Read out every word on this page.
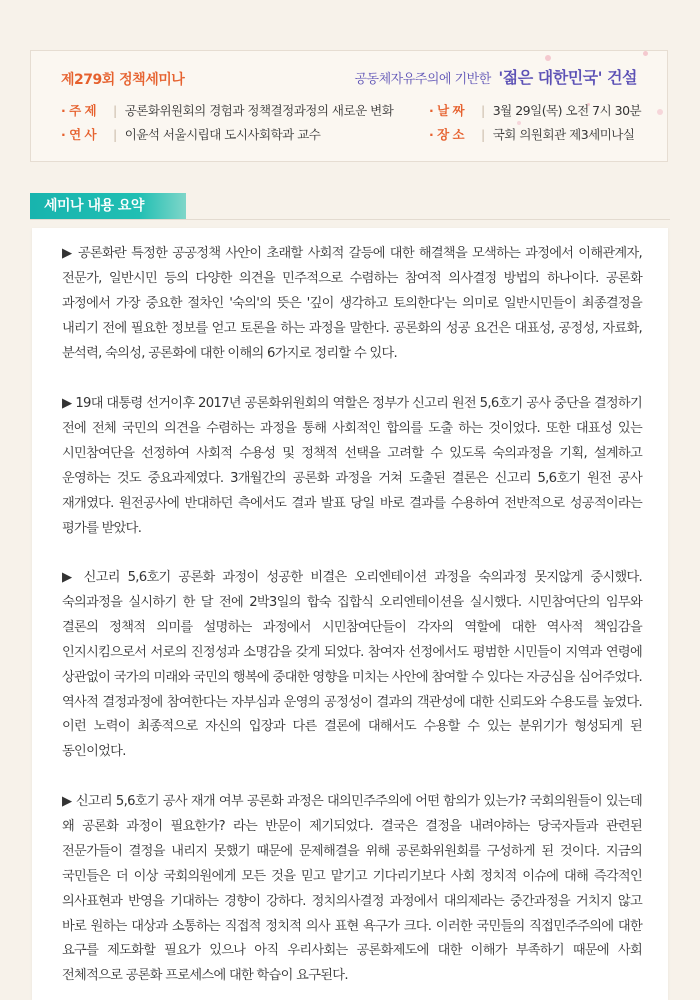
제279회 정책세미나	공동체자유주의에 기반한 '젊은 대한민국' 건설
· 주 제 | 공론화위원회의 경험과 정책결정과정의 새로운 변화
· 연 사 | 이윤석 서울시립대 도시사회학과 교수
· 날 짜 | 3월 29일(목) 오전 7시 30분
· 장 소 | 국회 의원회관 제3세미나실
세미나 내용 요약

▶ 공론화란 특정한 공공정책 사안이 초래할 사회적 갈등에 대한 해결책을 모색하는 과정에서 이해관계자, 전문가, 일반시민 등의 다양한 의견을 민주적으로 수렴하는 참여적 의사결정 방법의 하나이다. 공론화 과정에서 가장 중요한 절차인 '숙의'의 뜻은 '깊이 생각하고 토의한다'는 의미로 일반시민들이 최종결정을 내리기 전에 필요한 정보를 얻고 토론을 하는 과정을 말한다. 공론화의 성공 요건은 대표성, 공정성, 자료화, 분석력, 숙의성, 공론화에 대한 이해의 6가지로 정리할 수 있다.

▶ 19대 대통령 선거이후 2017년 공론화위원회의 역할은 정부가 신고리 원전 5,6호기 공사 중단을 결정하기 전에 전체 국민의 의견을 수렴하는 과정을 통해 사회적인 합의를 도출 하는 것이었다. 또한 대표성 있는 시민참여단을 선정하여 사회적 수용성 및 정책적 선택을 고려할 수 있도록 숙의과정을 기획, 설계하고 운영하는 것도 중요과제였다. 3개월간의 공론화 과정을 거쳐 도출된 결론은 신고리 5,6호기 원전 공사 재개였다. 원전공사에 반대하던 측에서도 결과 발표 당일 바로 결과를 수용하여 전반적으로 성공적이라는 평가를 받았다.

▶ 신고리 5,6호기 공론화 과정이 성공한 비결은 오리엔테이션 과정을 숙의과정 못지않게 중시했다. 숙의과정을 실시하기 한 달 전에 2박3일의 합숙 집합식 오리엔테이션을 실시했다. 시민참여단의 임무와 결론의 정책적 의미를 설명하는 과정에서 시민참여단들이 각자의 역할에 대한 역사적 책임감을 인지시킴으로서 서로의 진정성과 소명감을 갖게 되었다. 참여자 선정에서도 평범한 시민들이 지역과 연령에 상관없이 국가의 미래와 국민의 행복에 중대한 영향을 미치는 사안에 참여할 수 있다는 자긍심을 심어주었다. 역사적 결정과정에 참여한다는 자부심과 운영의 공정성이 결과의 객관성에 대한 신뢰도와 수용도를 높였다. 이런 노력이 최종적으로 자신의 입장과 다른 결론에 대해서도 수용할 수 있는 분위기가 형성되게 된 동인이었다.

▶ 신고리 5,6호기 공사 재개 여부 공론화 과정은 대의민주주의에 어떤 함의가 있는가? 국회의원들이 있는데 왜 공론화 과정이 필요한가? 라는 반문이 제기되었다. 결국은 결정을 내려야하는 당국자들과 관련된 전문가들이 결정을 내리지 못했기 때문에 문제해결을 위해 공론화위원회를 구성하게 된 것이다. 지금의 국민들은 더 이상 국회의원에게 모든 것을 믿고 맡기고 기다리기보다 사회 정치적 이슈에 대해 즉각적인 의사표현과 반영을 기대하는 경향이 강하다. 정치의사결정 과정에서 대의제라는 중간과정을 거치지 않고 바로 원하는 대상과 소통하는 직접적 정치적 의사 표현 욕구가 크다. 이러한 국민들의 직접민주주의에 대한 요구를 제도화할 필요가 있으나 아직 우리사회는 공론화제도에 대한 이해가 부족하기 때문에 사회 전체적으로 공론화 프로세스에 대한 학습이 요구된다.
